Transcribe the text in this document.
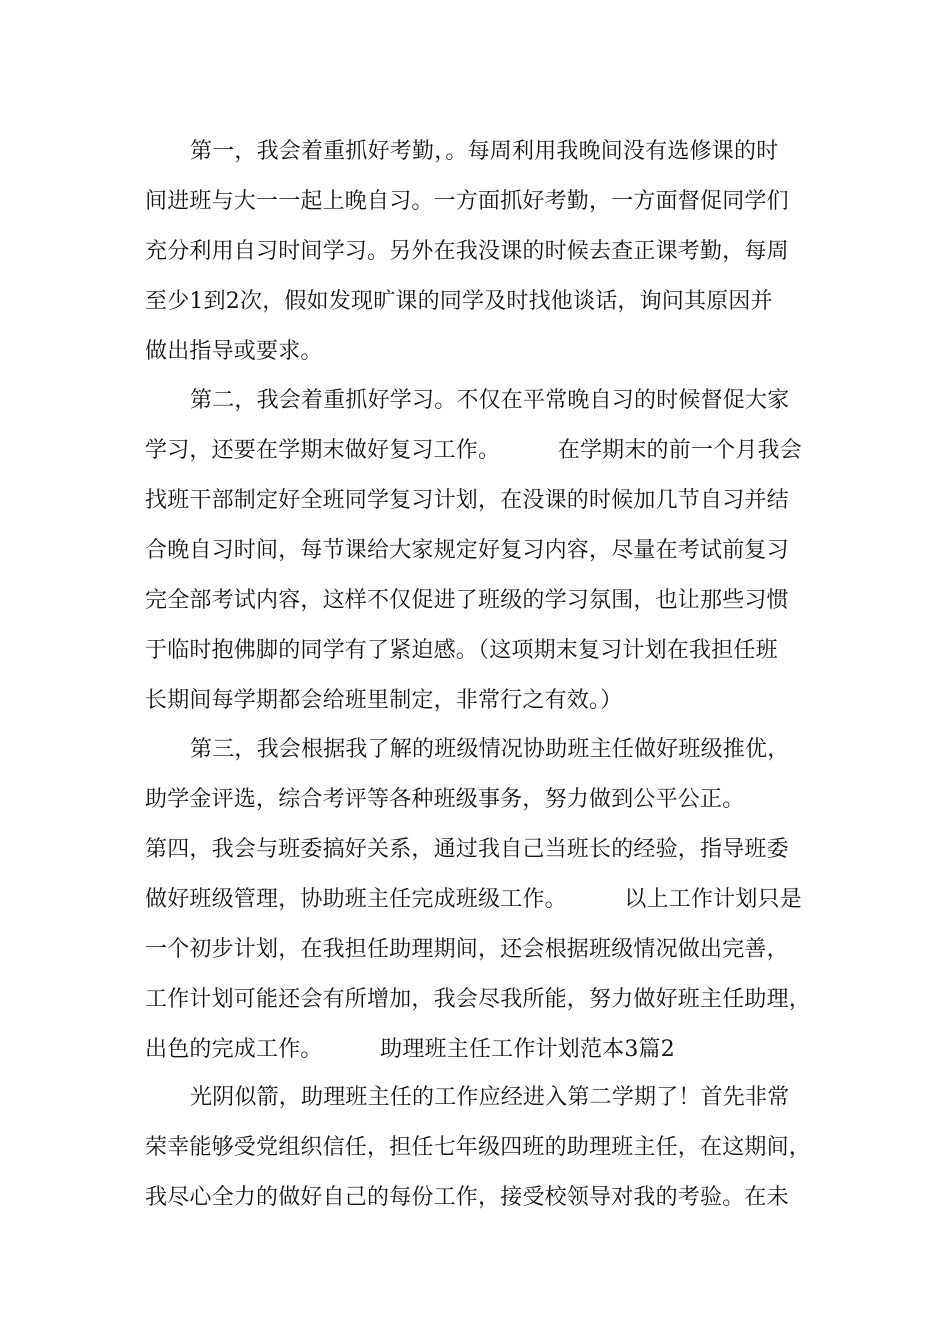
第一，我会着重抓好考勤，。每周利用我晚间没有选修课的时
间进班与大一一起上晚自习。一方面抓好考勤，一方面督促同学们
充分利用自习时间学习。另外在我没课的时候去查正课考勤，每周
至少1到2次，假如发现旷课的同学及时找他谈话，询问其原因并
做出指导或要求。
第二，我会着重抓好学习。不仅在平常晚自习的时候督促大家
学习，还要在学期末做好复习工作。        在学期末的前一个月我会
找班干部制定好全班同学复习计划，在没课的时候加几节自习并结
合晚自习时间，每节课给大家规定好复习内容，尽量在考试前复习
完全部考试内容，这样不仅促进了班级的学习氛围，也让那些习惯
于临时抱佛脚的同学有了紧迫感。（这项期末复习计划在我担任班
长期间每学期都会给班里制定，非常行之有效。）
第三，我会根据我了解的班级情况协助班主任做好班级推优，
助学金评选，综合考评等各种班级事务，努力做到公平公正。
第四，我会与班委搞好关系，通过我自己当班长的经验，指导班委
做好班级管理，协助班主任完成班级工作。        以上工作计划只是
一个初步计划，在我担任助理期间，还会根据班级情况做出完善，
工作计划可能还会有所增加，我会尽我所能，努力做好班主任助理，
出色的完成工作。        助理班主任工作计划范本3篇2
光阴似箭，助理班主任的工作应经进入第二学期了！首先非常
荣幸能够受党组织信任，担任七年级四班的助理班主任，在这期间，
我尽心全力的做好自己的每份工作，接受校领导对我的考验。在未
